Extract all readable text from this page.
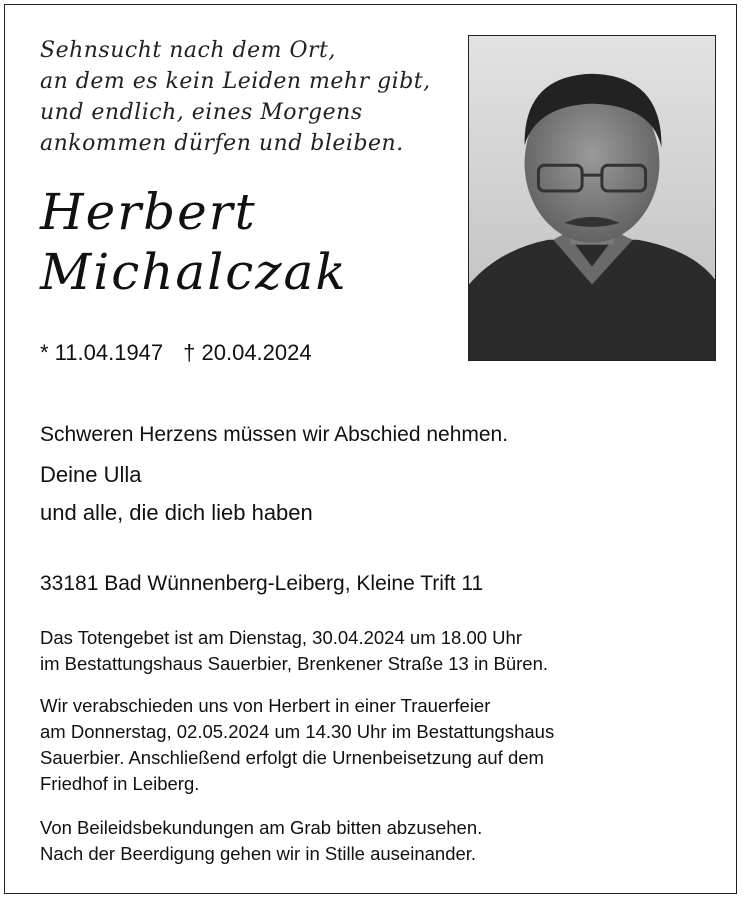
Sehnsucht nach dem Ort,
an dem es kein Leiden mehr gibt,
und endlich, eines Morgens
ankommen dürfen und bleiben.
Herbert
Michalczak
* 11.04.1947 † 20.04.2024
Schweren Herzens müssen wir Abschied nehmen.
Deine Ulla
und alle, die dich lieb haben
33181 Bad Wünnenberg-Leiberg, Kleine Trift 11
Das Totengebet ist am Dienstag, 30.04.2024 um 18.00 Uhr
im Bestattungshaus Sauerbier, Brenkener Straße 13 in Büren.
Wir verabschieden uns von Herbert in einer Trauerfeier
am Donnerstag, 02.05.2024 um 14.30 Uhr im Bestattungshaus
Sauerbier. Anschließend erfolgt die Urnenbeisetzung auf dem
Friedhof in Leiberg.
Von Beileidsbekundungen am Grab bitten abzusehen.
Nach der Beerdigung gehen wir in Stille auseinander.
